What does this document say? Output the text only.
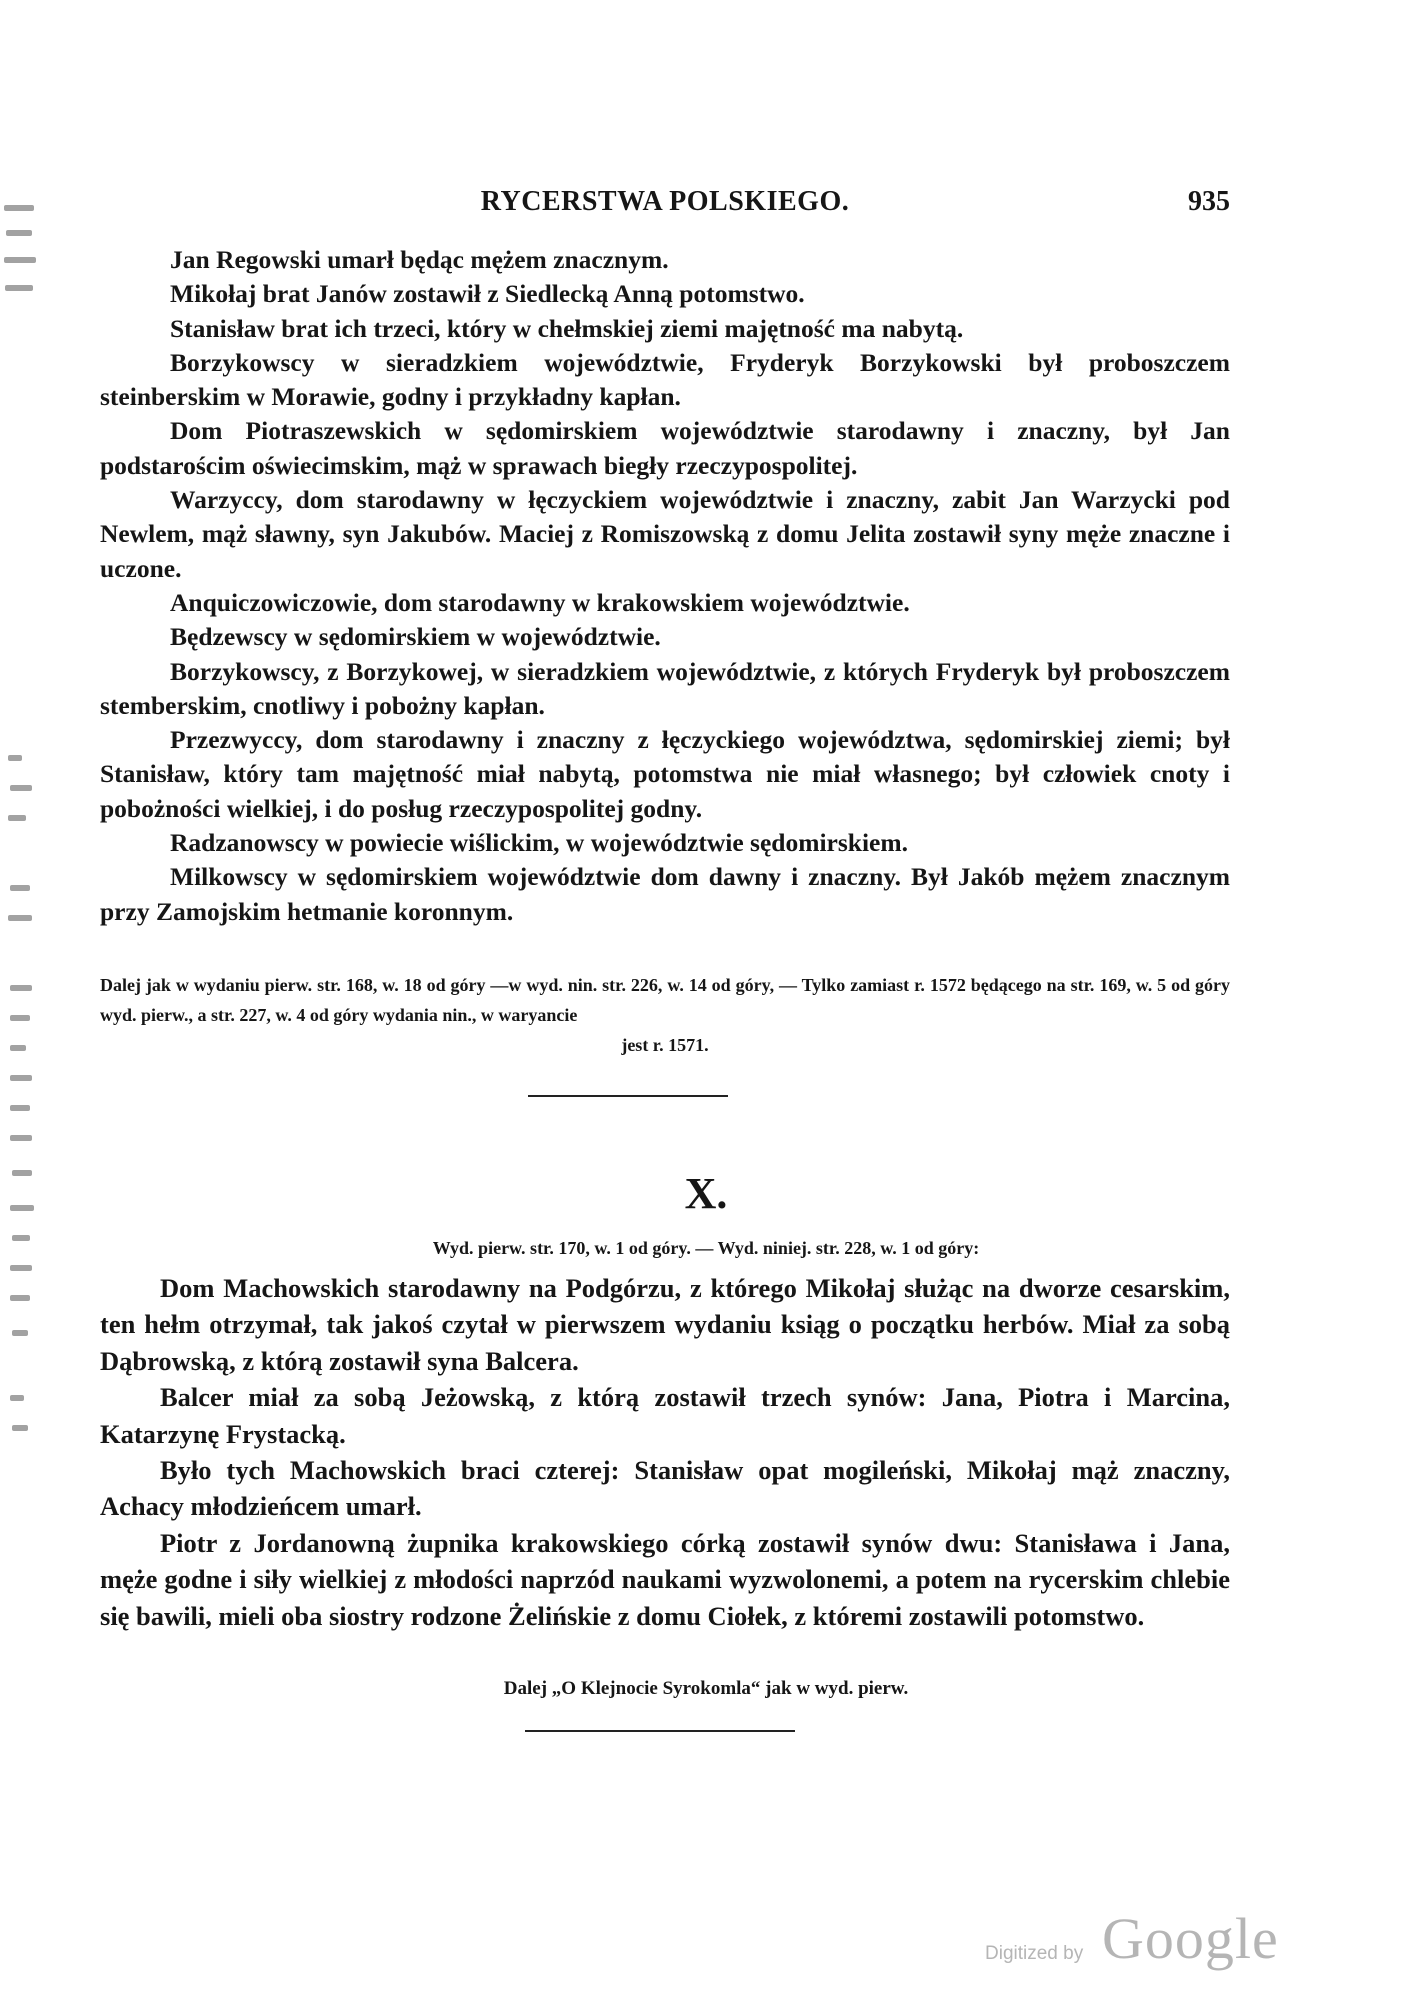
RYCERSTWA POLSKIEGO.	935

Jan Regowski umarł będąc mężem znacznym.

Mikołaj brat Janów zostawił z Siedlecką Anną potomstwo.

Stanisław brat ich trzeci, który w chełmskiej ziemi majętność ma nabytą.

Borzykowscy w sieradzkiem województwie, Fryderyk Borzykowski był proboszczem steinberskim w Morawie, godny i przykładny kapłan.

Dom Piotraszewskich w sędomirskiem województwie starodawny i znaczny, był Jan podstarościm oświecimskim, mąż w sprawach biegły rzeczypospolitej.

Warzyccy, dom starodawny w łęczyckiem województwie i znaczny, zabit Jan Warzycki pod Newlem, mąż sławny, syn Jakubów. Maciej z Romiszowską z domu Jelita zostawił syny męże znaczne i uczone.

Anquiczowiczowie, dom starodawny w krakowskiem województwie.

Będzewscy w sędomirskiem w województwie.

Borzykowscy, z Borzykowej, w sieradzkiem województwie, z których Fryderyk był proboszczem stemberskim, cnotliwy i pobożny kapłan.

Przezwyccy, dom starodawny i znaczny z łęczyckiego województwa, sędomirskiej ziemi; był Stanisław, który tam majętność miał nabytą, potomstwa nie miał własnego; był człowiek cnoty i pobożności wielkiej, i do posług rzeczypospolitej godny.

Radzanowscy w powiecie wiślickim, w województwie sędomirskiem.

Milkowscy w sędomirskiem województwie dom dawny i znaczny. Był Jakób mężem znacznym przy Zamojskim hetmanie koronnym.

Dalej jak w wydaniu pierw. str. 168, w. 18 od góry —w wyd. nin. str. 226, w. 14 od góry, — Tylko zamiast r. 1572 będącego na str. 169, w. 5 od góry wyd. pierw., a str. 227, w. 4 od góry wydania nin., w waryancie
jest r. 1571.
X.
Wyd. pierw. str. 170, w. 1 od góry. — Wyd. niniej. str. 228, w. 1 od góry:

Dom Machowskich starodawny na Podgórzu, z którego Mikołaj służąc na dworze cesarskim, ten hełm otrzymał, tak jakoś czytał w pierwszem wydaniu ksiąg o początku herbów. Miał za sobą Dąbrowską, z którą zostawił syna Balcera.

Balcer miał za sobą Jeżowską, z którą zostawił trzech synów: Jana, Piotra i Marcina, Katarzynę Frystacką.

Było tych Machowskich braci czterej: Stanisław opat mogileński, Mikołaj mąż znaczny, Achacy młodzieńcem umarł.

Piotr z Jordanowną żupnika krakowskiego córką zostawił synów dwu: Stanisława i Jana, męże godne i siły wielkiej z młodości naprzód naukami wyzwolonemi, a potem na rycerskim chlebie się bawili, mieli oba siostry rodzone Żelińskie z domu Ciołek, z któremi zostawili potomstwo.

Dalej „O Klejnocie Syrokomla“ jak w wyd. pierw.
Digitized by Google
